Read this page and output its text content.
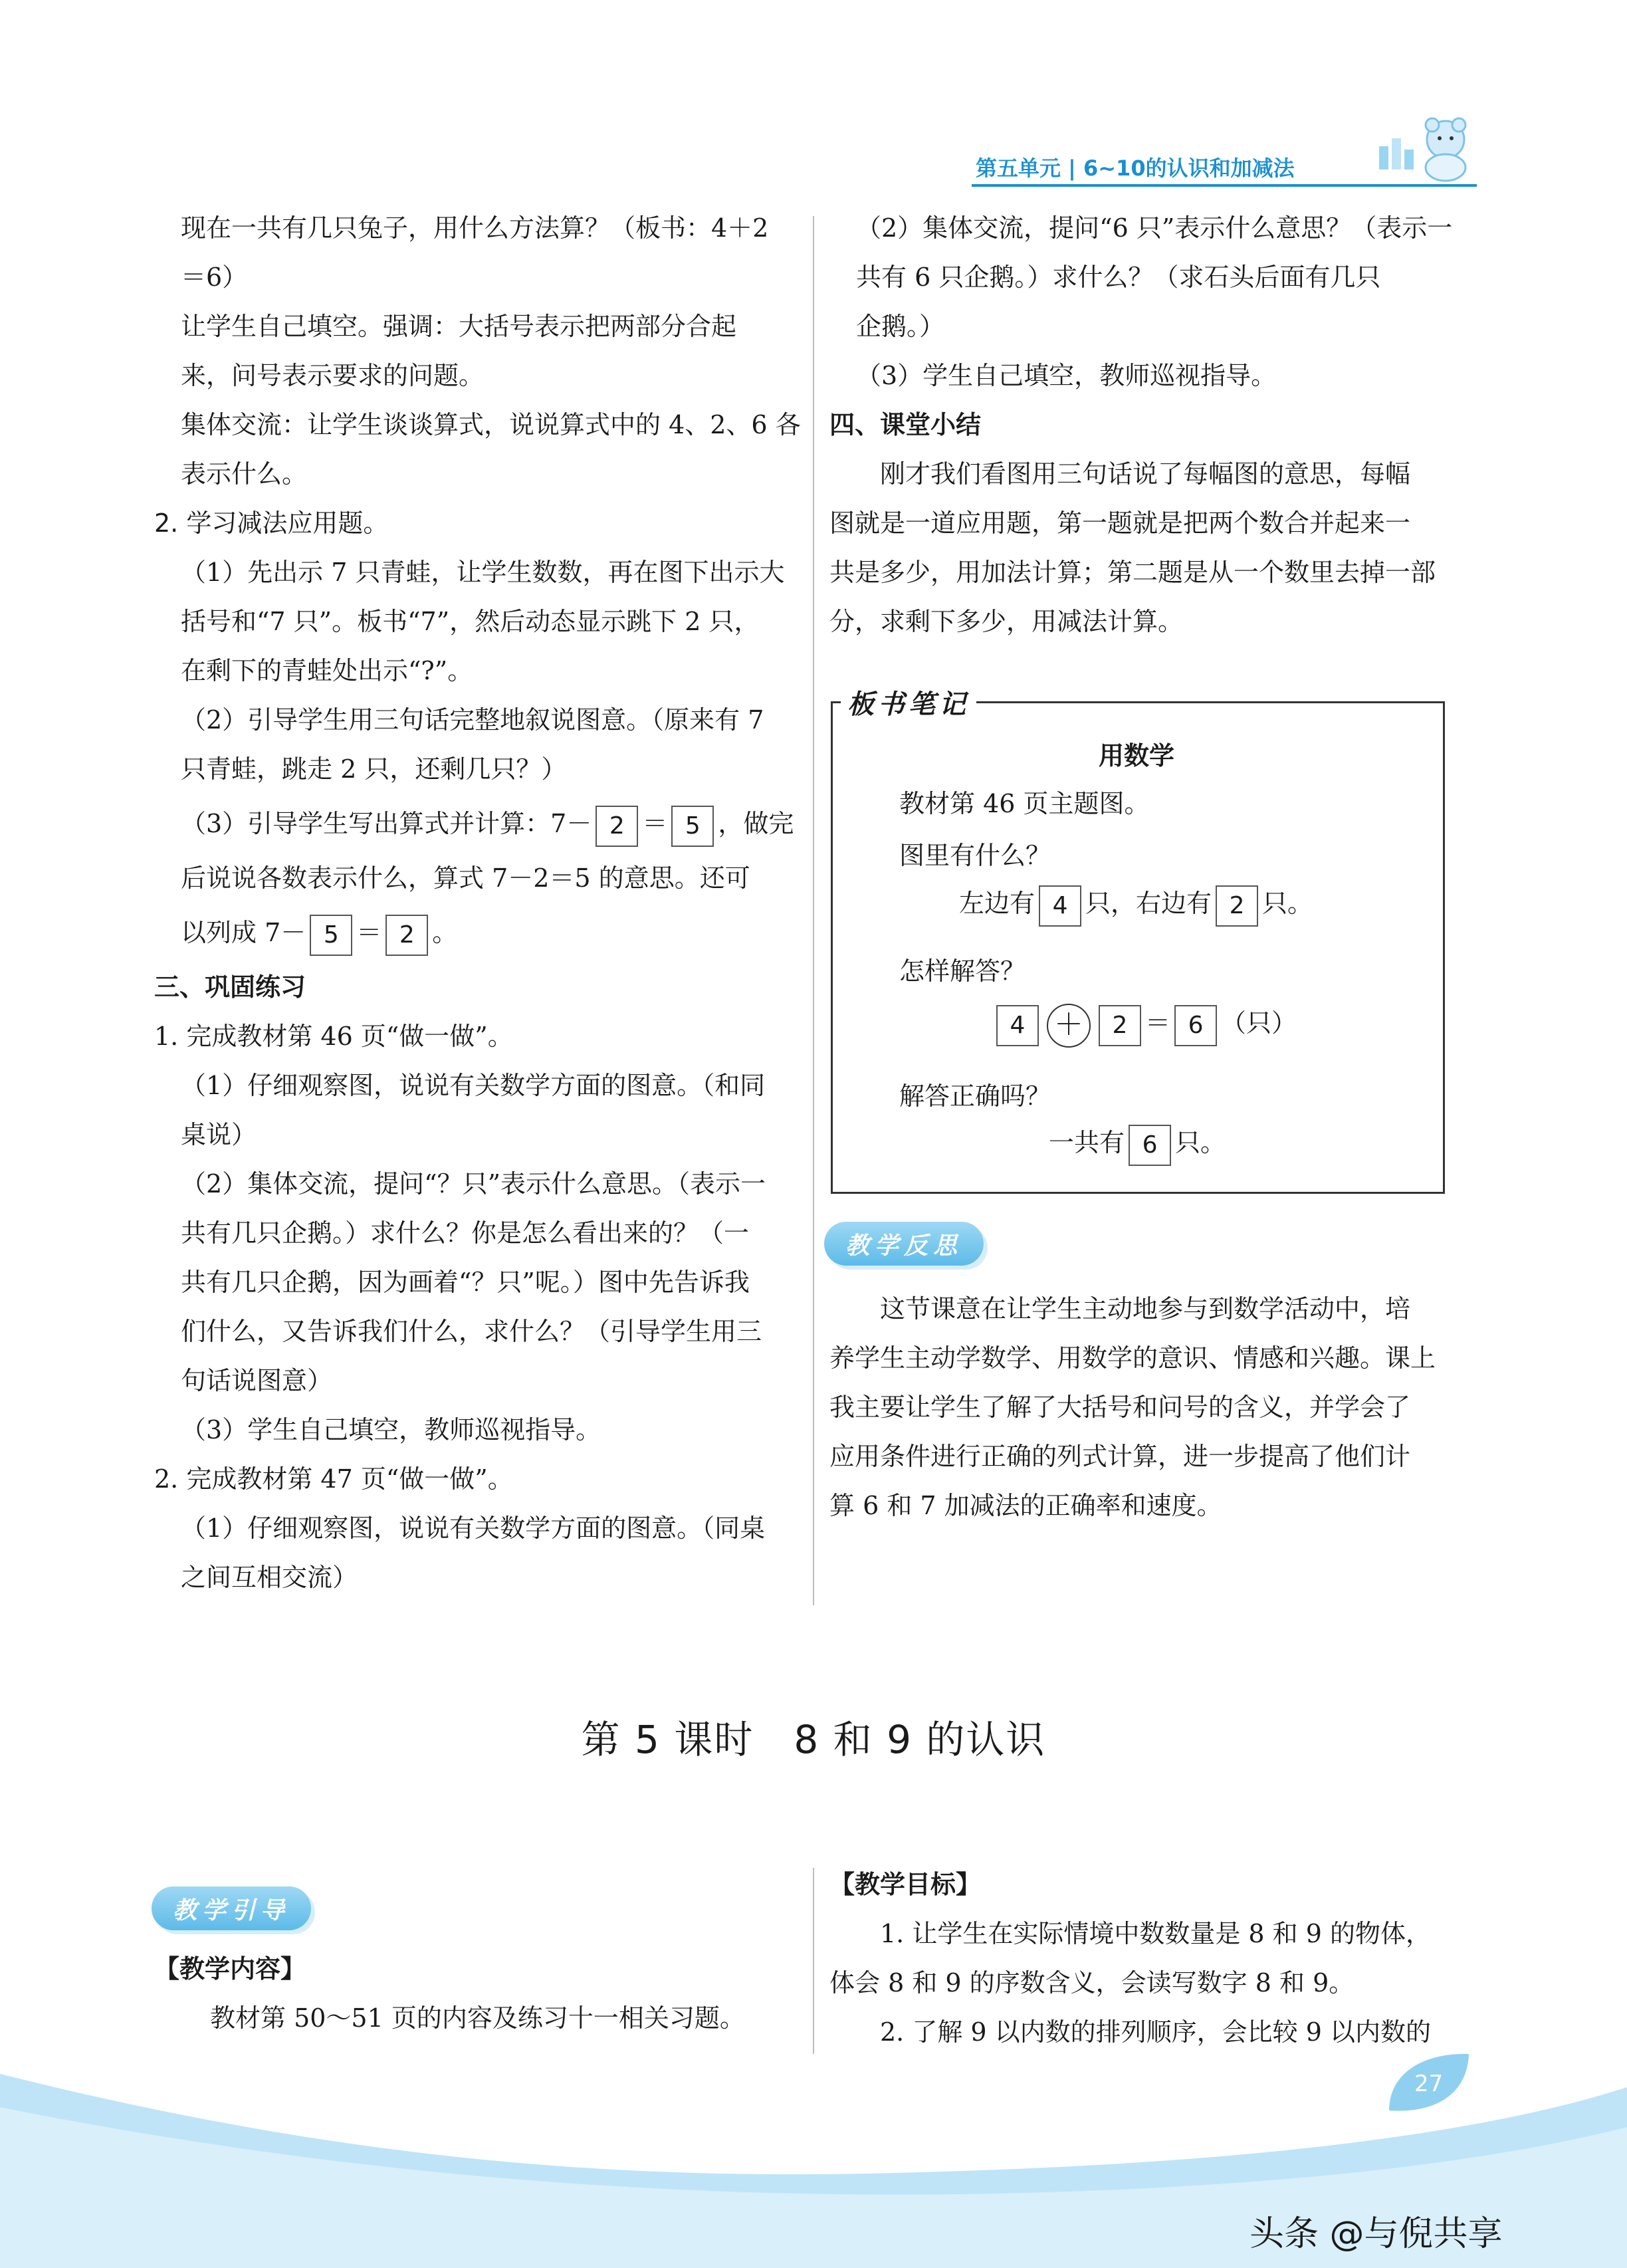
第五单元 | 6~10的认识和加减法

现在一共有几只兔子，用什么方法算？（板书：4＋2

＝6）

让学生自己填空。强调：大括号表示把两部分合起

来，问号表示要求的问题。

集体交流：让学生谈谈算式，说说算式中的 4、2、6 各

表示什么。

2. 学习减法应用题。

（1）先出示 7 只青蛙，让学生数数，再在图下出示大

括号和“7 只”。板书“7”，然后动态显示跳下 2 只，

在剩下的青蛙处出示“?”。

（2）引导学生用三句话完整地叙说图意。（原来有 7

只青蛙，跳走 2 只，还剩几只？）

（3）引导学生写出算式并计算：7－ 2 ＝ 5 ，做完

后说说各数表示什么，算式 7－2＝5 的意思。还可

以列成 7－ 5 ＝ 2 。

三、巩固练习

1. 完成教材第 46 页“做一做”。

（1）仔细观察图，说说有关数学方面的图意。（和同

桌说）

（2）集体交流，提问“？只”表示什么意思。（表示一

共有几只企鹅。）求什么？你是怎么看出来的？（一

共有几只企鹅，因为画着“？只”呢。）图中先告诉我

们什么，又告诉我们什么，求什么？（引导学生用三

句话说图意）

（3）学生自己填空，教师巡视指导。

2. 完成教材第 47 页“做一做”。

（1）仔细观察图，说说有关数学方面的图意。（同桌

之间互相交流）

（2）集体交流，提问“6 只”表示什么意思？（表示一

共有 6 只企鹅。）求什么？（求石头后面有几只

企鹅。）

（3）学生自己填空，教师巡视指导。

四、课堂小结

刚才我们看图用三句话说了每幅图的意思，每幅

图就是一道应用题，第一题就是把两个数合并起来一

共是多少，用加法计算；第二题是从一个数里去掉一部

分，求剩下多少，用减法计算。

板书笔记

用数学

教材第 46 页主题图。

图里有什么？

左边有 4 只，右边有 2 只。

怎样解答？

4 ＋ 2 ＝ 6 （只）

解答正确吗？

一共有 6 只。

教学反思

这节课意在让学生主动地参与到数学活动中，培

养学生主动学数学、用数学的意识、情感和兴趣。课上

我主要让学生了解了大括号和问号的含义，并学会了

应用条件进行正确的列式计算，进一步提高了他们计

算 6 和 7 加减法的正确率和速度。

第 5 课时　8 和 9 的认识
教学引导

【教学内容】

教材第 50～51 页的内容及练习十一相关习题。

【教学目标】

1. 让学生在实际情境中数数量是 8 和 9 的物体，

体会 8 和 9 的序数含义，会读写数字 8 和 9。

2. 了解 9 以内数的排列顺序，会比较 9 以内数的

27
头条 @与倪共享
